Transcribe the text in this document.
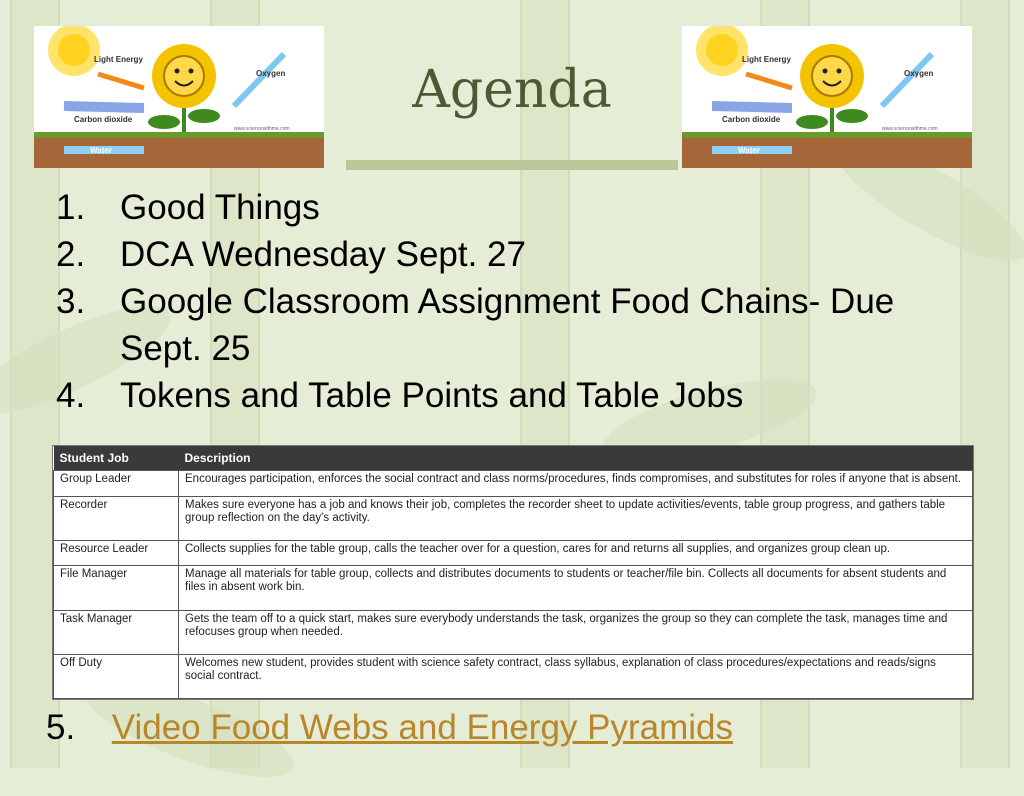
Light Energy
Oxygen
Carbon dioxide
Water
www.sciencewithme.com
Light Energy
Oxygen
Carbon dioxide
Water
www.sciencewithme.com
Agenda
1. Good Things
2. DCA Wednesday Sept. 27
3. Google Classroom Assignment Food Chains- Due Sept. 25
4. Tokens and Table Points and Table Jobs
Student Job	Description
Group Leader	Encourages participation, enforces the social contract and class norms/procedures, finds compromises, and substitutes for roles if anyone that is absent.
Recorder	Makes sure everyone has a job and knows their job, completes the recorder sheet to update activities/events, table group progress, and gathers table group reflection on the day's activity.
Resource Leader	Collects supplies for the table group, calls the teacher over for a question, cares for and returns all supplies, and organizes group clean up.
File Manager	Manage all materials for table group, collects and distributes documents to students or teacher/file bin. Collects all documents for absent students and files in absent work bin.
Task Manager	Gets the team off to a quick start, makes sure everybody understands the task, organizes the group so they can complete the task, manages time and refocuses group when needed.
Off Duty	Welcomes new student, provides student with science safety contract, class syllabus, explanation of class procedures/expectations and reads/signs social contract.
5. Video Food Webs and Energy Pyramids
